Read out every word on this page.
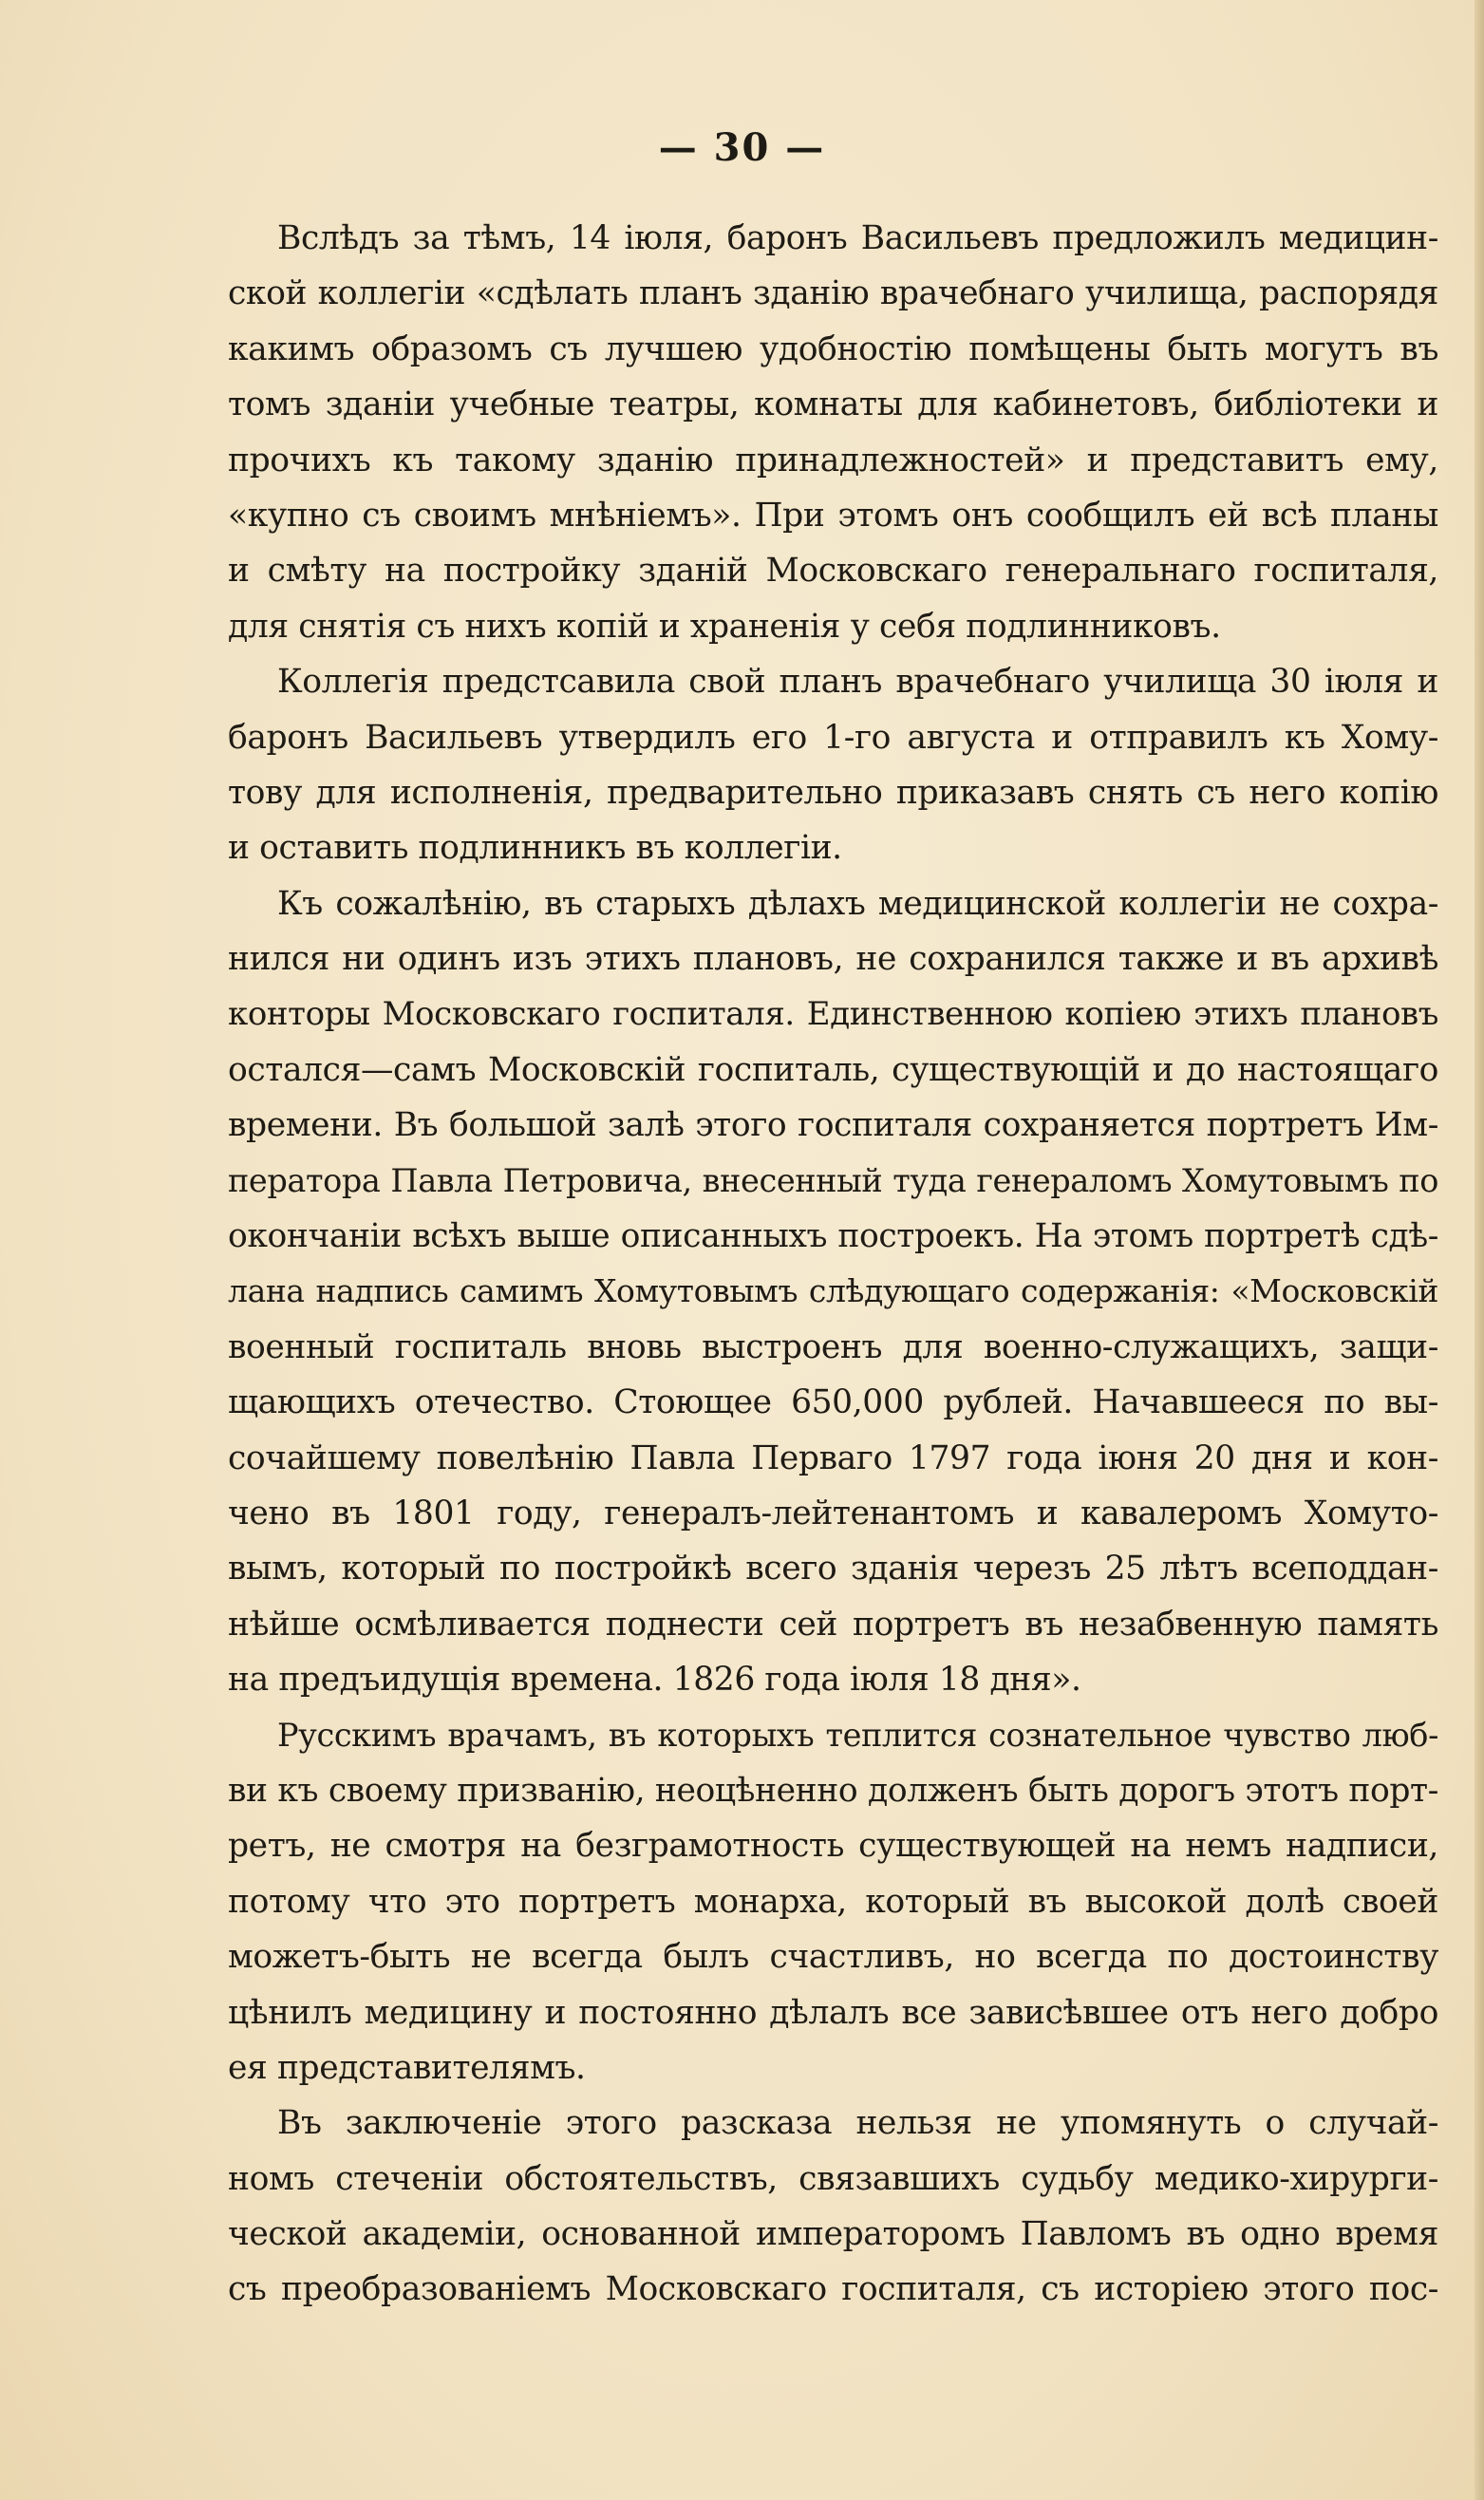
— 30 —
Вслѣдъ за тѣмъ, 14 іюля, баронъ Васильевъ предложилъ медицин-
ской коллегіи «сдѣлать планъ зданію врачебнаго училища, распорядя
какимъ образомъ съ лучшею удобностію помѣщены быть могутъ въ
томъ зданіи учебные театры, комнаты для кабинетовъ, библіотеки и
прочихъ къ такому зданію принадлежностей» и представитъ ему,
«купно съ своимъ мнѣніемъ». При этомъ онъ сообщилъ ей всѣ планы
и смѣту на постройку зданій Московскаго генеральнаго госпиталя,
для снятія съ нихъ копій и храненія у себя подлинниковъ.
Коллегія предстсавила свой планъ врачебнаго училища 30 іюля и
баронъ Васильевъ утвердилъ его 1-го августа и отправилъ къ Хому-
тову для исполненія, предварительно приказавъ снять съ него копію
и оставить подлинникъ въ коллегіи.
Къ сожалѣнію, въ старыхъ дѣлахъ медицинской коллегіи не сохра-
нился ни одинъ изъ этихъ плановъ, не сохранился также и въ архивѣ
конторы Московскаго госпиталя. Единственною копіею этихъ плановъ
остался—самъ Московскій госпиталь, существующій и до настоящаго
времени. Въ большой залѣ этого госпиталя сохраняется портретъ Им-
ператора Павла Петровича, внесенный туда генераломъ Хомутовымъ по
окончаніи всѣхъ выше описанныхъ построекъ. На этомъ портретѣ сдѣ-
лана надпись самимъ Хомутовымъ слѣдующаго содержанія: «Московскій
военный госпиталь вновь выстроенъ для военно-служащихъ, защи-
щающихъ отечество. Стоющее 650,000 рублей. Начавшееся по вы-
сочайшему повелѣнію Павла Перваго 1797 года іюня 20 дня и кон-
чено въ 1801 году, генералъ-лейтенантомъ и кавалеромъ Хомуто-
вымъ, который по постройкѣ всего зданія черезъ 25 лѣтъ всеподдан-
нѣйше осмѣливается поднести сей портретъ въ незабвенную память
на предъидущія времена. 1826 года іюля 18 дня».
Русскимъ врачамъ, въ которыхъ теплится сознательное чувство люб-
ви къ своему призванію, неоцѣненно долженъ быть дорогъ этотъ порт-
ретъ, не смотря на безграмотность существующей на немъ надписи,
потому что это портретъ монарха, который въ высокой долѣ своей
можетъ-быть не всегда былъ счастливъ, но всегда по достоинству
цѣнилъ медицину и постоянно дѣлалъ все зависѣвшее отъ него добро
ея представителямъ.
Въ заключеніе этого разсказа нельзя не упомянуть о случай-
номъ стеченіи обстоятельствъ, связавшихъ судьбу медико-хирурги-
ческой академіи, основанной императоромъ Павломъ въ одно время
съ преобразованіемъ Московскаго госпиталя, съ исторіею этого пос-
